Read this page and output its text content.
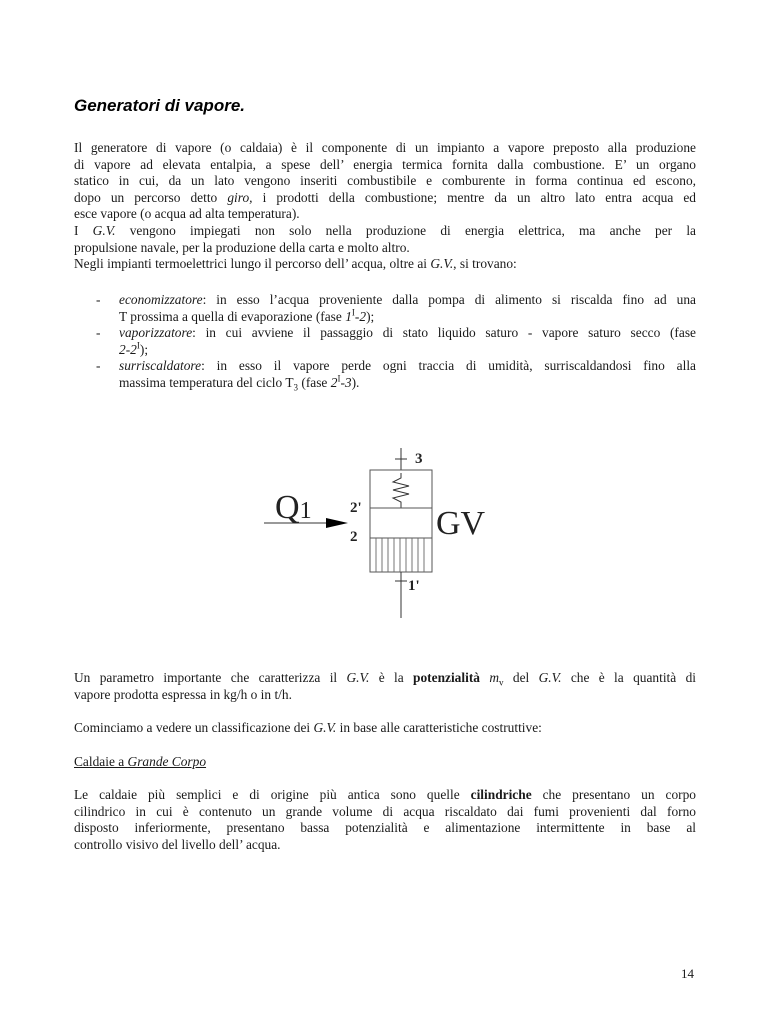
Generatori di vapore.
Il generatore di vapore (o caldaia) è il componente di un impianto a vapore preposto alla produzione
di vapore ad elevata entalpia, a spese dell’ energia termica fornita dalla combustione. E’ un organo
statico in cui, da un lato vengono inseriti combustibile e comburente in forma continua ed escono,
dopo un percorso detto giro, i prodotti della combustione; mentre da un altro lato entra acqua ed
esce vapore (o acqua ad alta temperatura).
I G.V. vengono impiegati non solo nella produzione di energia elettrica, ma anche per la
propulsione navale, per la produzione della carta e molto altro.
Negli impianti termoelettrici lungo il percorso dell’ acqua, oltre ai G.V., si trovano:
- economizzatore: in esso l’acqua proveniente dalla pompa di alimento si riscalda fino ad una
T prossima a quella di evaporazione (fase $1^I-2$);
- vaporizzatore: in cui avviene il passaggio di stato liquido saturo - vapore saturo secco (fase
$2-2^I$);
- surriscaldatore: in esso il vapore perde ogni traccia di umidità, surriscaldandosi fino alla
massima temperatura del ciclo $T_3$ (fase $2^I-3$).
Q1	GV
3
2'
2
1'
Un parametro importante che caratterizza il G.V. è la potenzialità $m_v$ del G.V. che è la quantità di
vapore prodotta espressa in kg/h o in t/h.
Cominciamo a vedere un classificazione dei G.V. in base alle caratteristiche costruttive:
Caldaie a Grande Corpo
Le caldaie più semplici e di origine più antica sono quelle cilindriche che presentano un corpo
cilindrico in cui è contenuto un grande volume di acqua riscaldato dai fumi provenienti dal forno
disposto inferiormente, presentano bassa potenzialità e alimentazione intermittente in base al
controllo visivo del livello dell’ acqua.
14
